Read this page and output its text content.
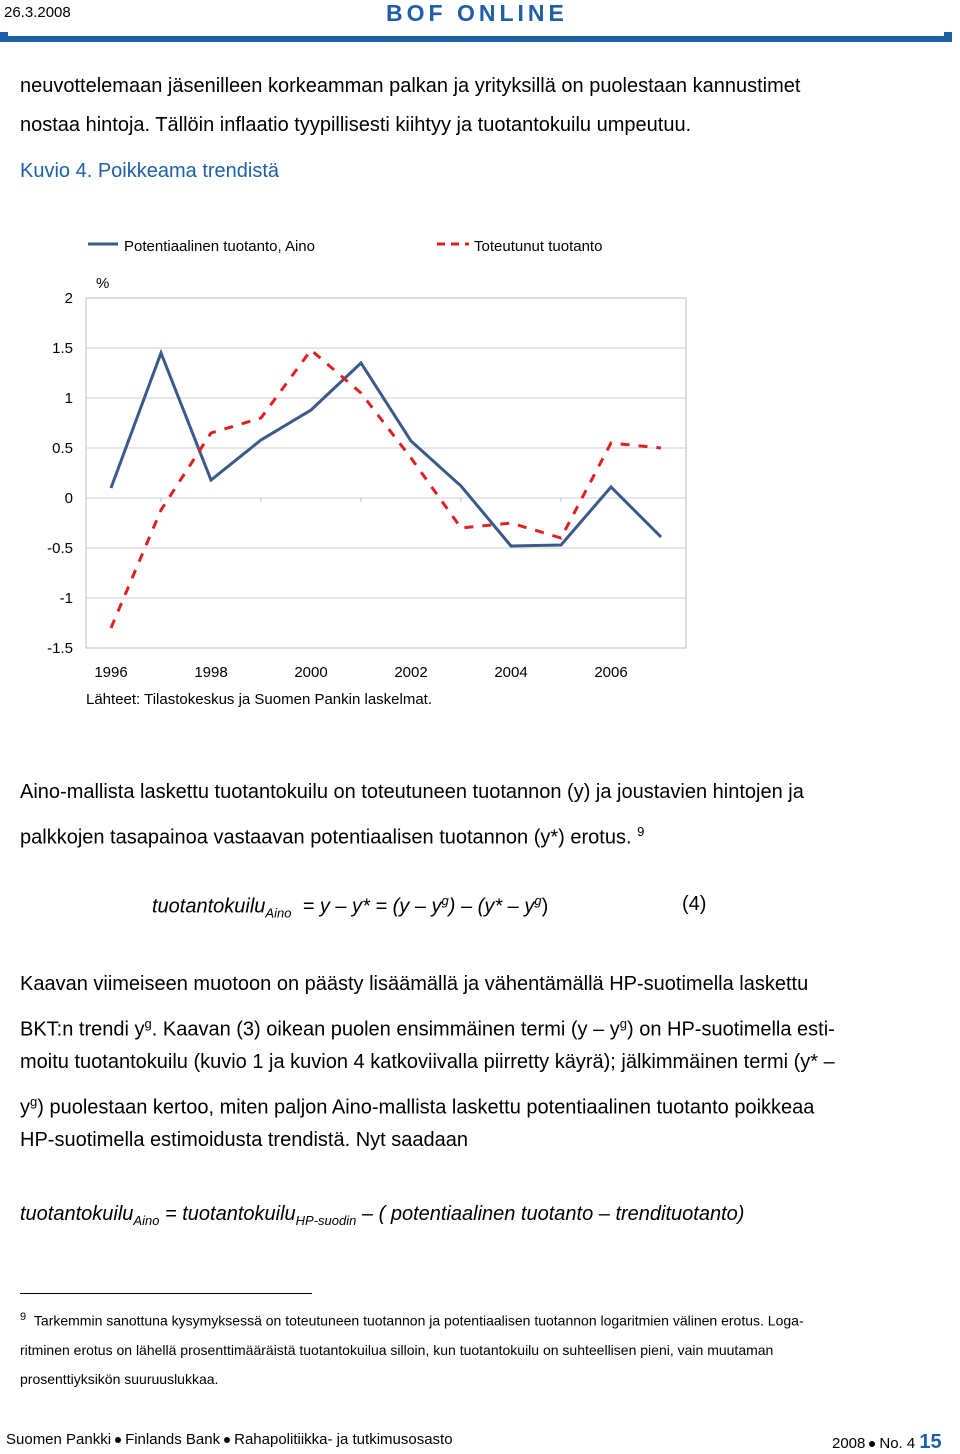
26.3.2008	BOF ONLINE
neuvottelemaan jäsenilleen korkeamman palkan ja yrityksillä on puolestaan kannustimet
nostaa hintoja. Tällöin inflaatio tyypillisesti kiihtyy ja tuotantokuilu umpeutuu.
Kuvio 4. Poikkeama trendistä
Potentiaalinen tuotanto, Aino	Toteutunut tuotanto
%
2
1.5
1
0.5
0
-0.5
-1
-1.5
1996	1998	2000	2002	2004	2006
Lähteet: Tilastokeskus ja Suomen Pankin laskelmat.
Aino-mallista laskettu tuotantokuilu on toteutuneen tuotannon (y) ja joustavien hintojen ja
palkkojen tasapainoa vastaavan potentiaalisen tuotannon (y*) erotus. $^9$
tuotantokuilu$_{Aino}$ = $y - y* = (y - y^g) - (y* - y^g)$	(4)
Kaavan viimeiseen muotoon on päästy lisäämällä ja vähentämällä HP-suotimella laskettu
BKT:n trendi $y^g$. Kaavan (3) oikean puolen ensimmäinen termi $(y - y^g)$ on HP-suotimella esti-
moitu tuotantokuilu (kuvio 1 ja kuvion 4 katkoviivalla piirretty käyrä); jälkimmäinen termi (y* –
$y^g$) puolestaan kertoo, miten paljon Aino-mallista laskettu potentiaalinen tuotanto poikkeaa
HP-suotimella estimoidusta trendistä. Nyt saadaan
tuotantokuilu$_{Aino}$ = tuotantokuilu$_{HP-suodin}$ – ( potentiaalinen tuotanto – trendituotanto)
$^9$ Tarkemmin sanottuna kysymyksessä on toteutuneen tuotannon ja potentiaalisen tuotannon logaritmien välinen erotus. Loga-
ritminen erotus on lähellä prosenttimääräistä tuotantokuilua silloin, kun tuotantokuilu on suhteellisen pieni, vain muutaman
prosenttiyksikön suuruuslukkaa.
Suomen Pankki Finlands Bank Rahapolitiikka- ja tutkimusosasto	2008 No. 4 15
